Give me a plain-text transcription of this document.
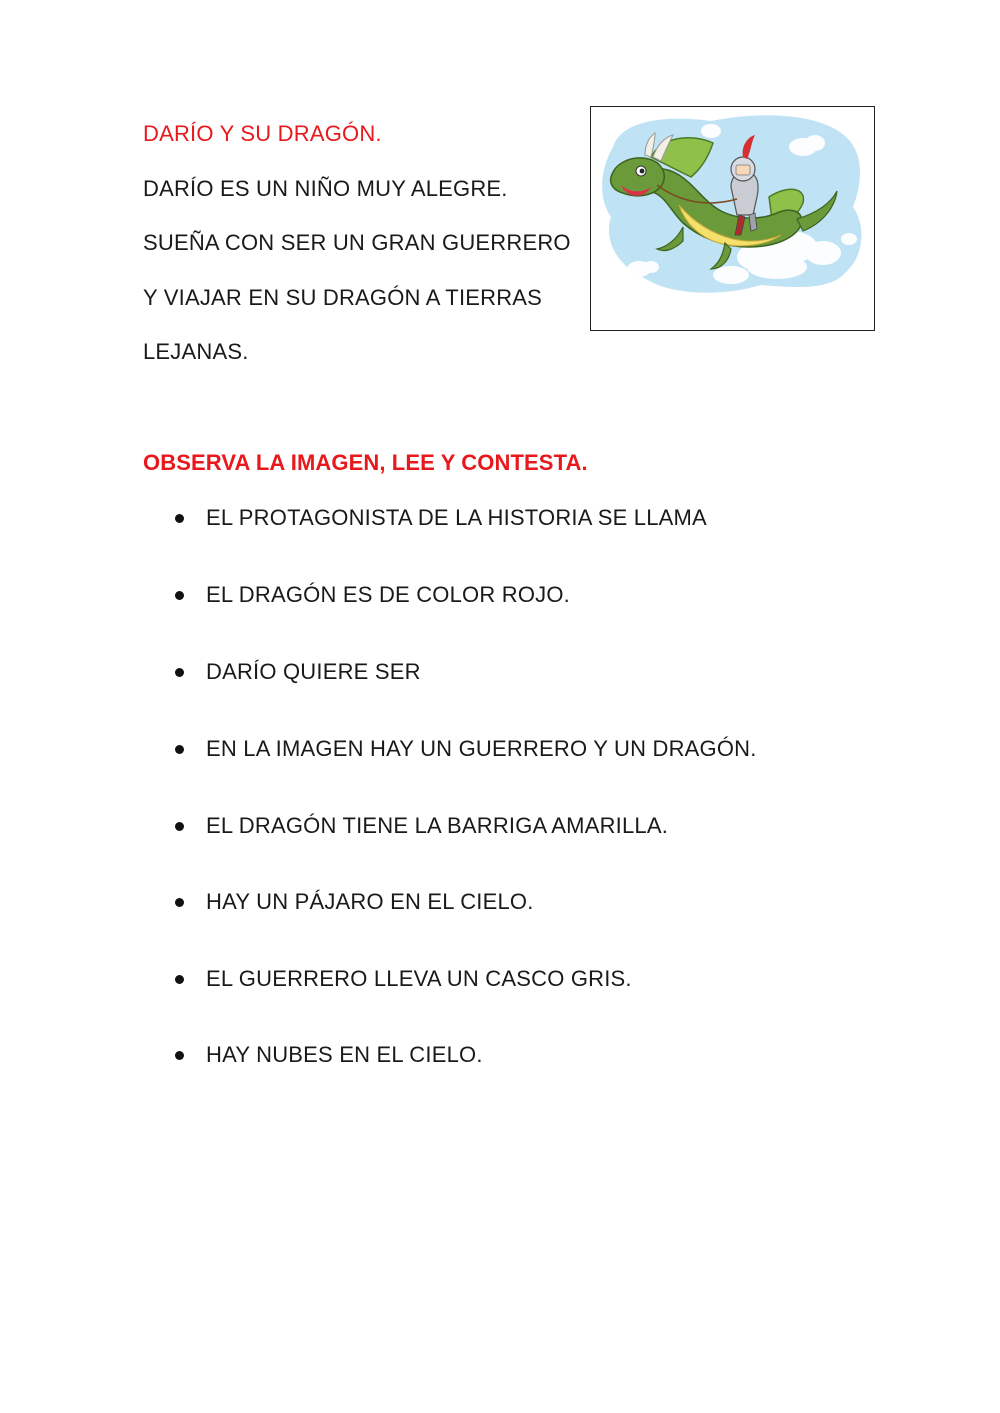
DARÍO Y SU DRAGÓN.
DARÍO ES UN NIÑO MUY ALEGRE.
SUEÑA CON SER UN GRAN GUERRERO
Y VIAJAR EN SU DRAGÓN A TIERRAS
LEJANAS.
OBSERVA LA IMAGEN, LEE Y CONTESTA.
EL PROTAGONISTA DE LA HISTORIA SE LLAMA
EL DRAGÓN ES DE COLOR ROJO.
DARÍO QUIERE SER
EN LA IMAGEN HAY UN GUERRERO Y UN DRAGÓN.
EL DRAGÓN TIENE LA BARRIGA AMARILLA.
HAY UN PÁJARO EN EL CIELO.
EL GUERRERO LLEVA UN CASCO GRIS.
HAY NUBES EN EL CIELO.
